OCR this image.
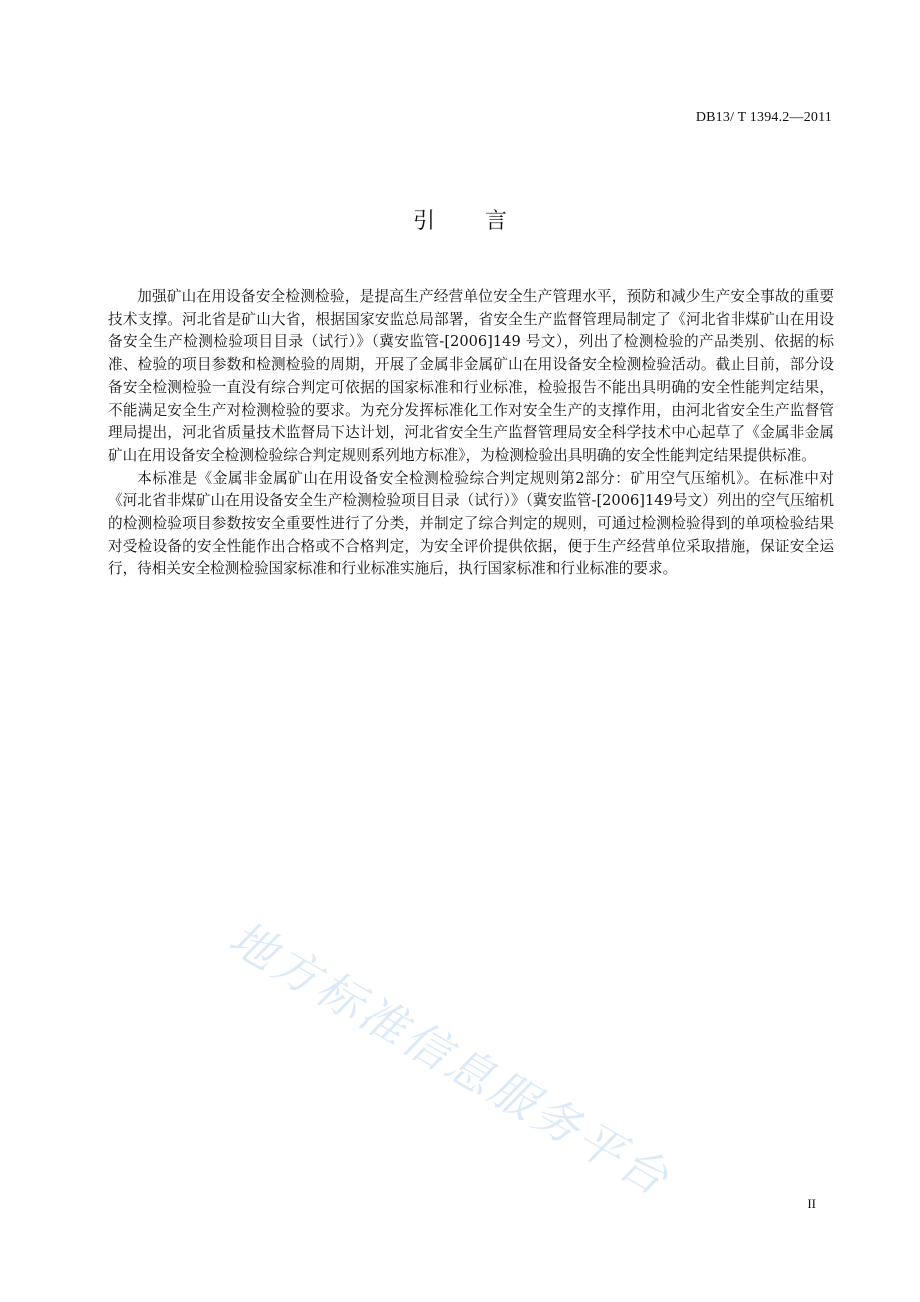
DB13/ T 1394.2—2011
引言

加强矿山在用设备安全检测检验，是提高生产经营单位安全生产管理水平，预防和减少生产安全事故的重要技术支撑。河北省是矿山大省，根据国家安监总局部署，省安全生产监督管理局制定了《河北省非煤矿山在用设备安全生产检测检验项目目录（试行）》（冀安监管-[2006]149 号文），列出了检测检验的产品类别、依据的标准、检验的项目参数和检测检验的周期，开展了金属非金属矿山在用设备安全检测检验活动。截止目前，部分设备安全检测检验一直没有综合判定可依据的国家标准和行业标准，检验报告不能出具明确的安全性能判定结果，不能满足安全生产对检测检验的要求。为充分发挥标准化工作对安全生产的支撑作用，由河北省安全生产监督管理局提出，河北省质量技术监督局下达计划，河北省安全生产监督管理局安全科学技术中心起草了《金属非金属矿山在用设备安全检测检验综合判定规则系列地方标准》，为检测检验出具明确的安全性能判定结果提供标准。

本标准是《金属非金属矿山在用设备安全检测检验综合判定规则第2部分：矿用空气压缩机》。在标准中对《河北省非煤矿山在用设备安全生产检测检验项目目录（试行）》（冀安监管-[2006]149号文）列出的空气压缩机的检测检验项目参数按安全重要性进行了分类，并制定了综合判定的规则，可通过检测检验得到的单项检验结果对受检设备的安全性能作出合格或不合格判定，为安全评价提供依据，便于生产经营单位采取措施，保证安全运行，待相关安全检测检验国家标准和行业标准实施后，执行国家标准和行业标准的要求。

地方标准信息服务平台	II
